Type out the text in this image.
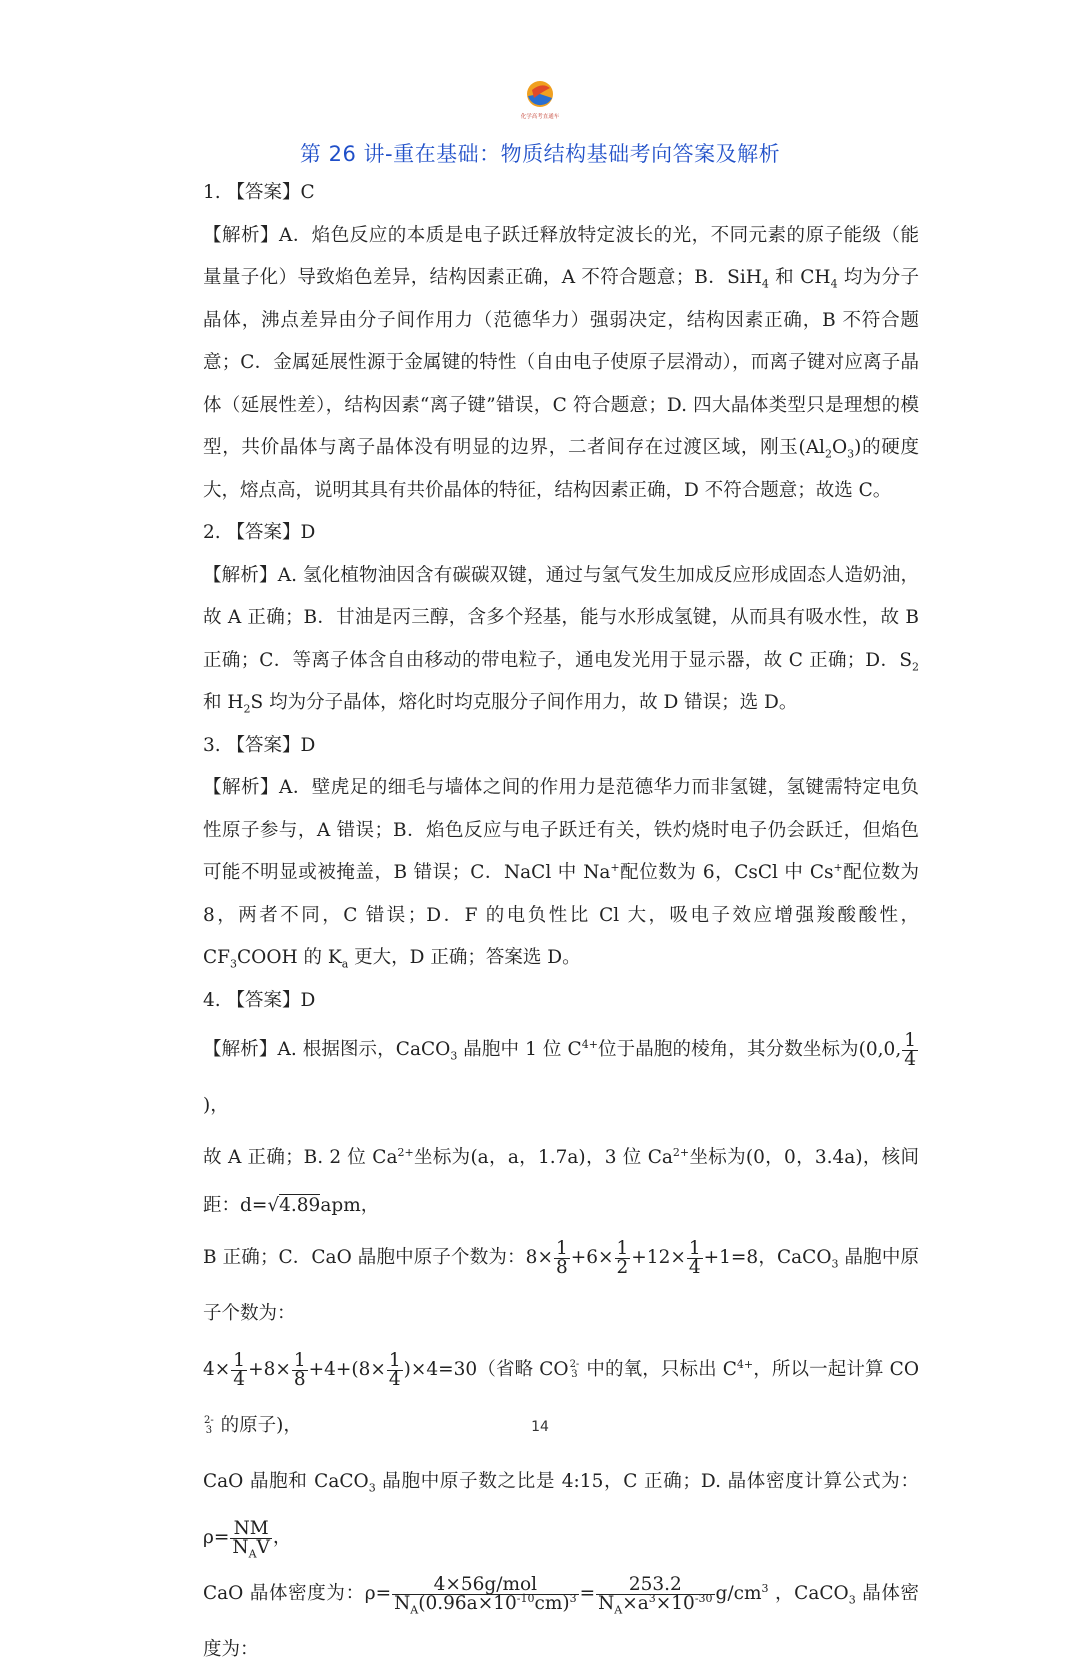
化学高考直通车
第 26 讲-重在基础：物质结构基础考向答案及解析

1. 【答案】C

【解析】A．焰色反应的本质是电子跃迁释放特定波长的光，不同元素的原子能级（能量量子化）导致焰色差异，结构因素正确，A 不符合题意；B．SiH$_4$ 和 $CH_4$ 均为分子晶体，沸点差异由分子间作用力（范德华力）强弱决定，结构因素正确，B 不符合题意；C．金属延展性源于金属键的特性（自由电子使原子层滑动），而离子键对应离子晶体（延展性差），结构因素“离子键”错误，C 符合题意；D. 四大晶体类型只是理想的模型，共价晶体与离子晶体没有明显的边界，二者间存在过渡区域，刚玉$(Al_2O_3)$的硬度大，熔点高，说明其具有共价晶体的特征，结构因素正确，D 不符合题意；故选 C。

2. 【答案】D

【解析】A. 氢化植物油因含有碳碳双键，通过与氢气发生加成反应形成固态人造奶油，故 A 正确；B．甘油是丙三醇，含多个羟基，能与水形成氢键，从而具有吸水性，故 B 正确；C．等离子体含自由移动的带电粒子，通电发光用于显示器，故 C 正确；D．$S_2$ 和 $H_2S$ 均为分子晶体，熔化时均克服分子间作用力，故 D 错误；选 D。

3. 【答案】D

【解析】A．壁虎足的细毛与墙体之间的作用力是范德华力而非氢键，氢键需特定电负性原子参与，A 错误；B．焰色反应与电子跃迁有关，铁灼烧时电子仍会跃迁，但焰色可能不明显或被掩盖，B 错误；C．NaCl 中 Na+配位数为 6，CsCl 中 Cs+配位数为 8，两者不同，C 错误；D．F 的电负性比 Cl 大，吸电子效应增强羧酸酸性，$CF_3COOH$ 的 $K_a$ 更大，D 正确；答案选 D。

4. 【答案】D

【解析】A. 根据图示，CaCO$_3$ 晶胞中 1 位 $C^{4+}$位于晶胞的棱角，其分数坐标为(0,0, $\frac{1}{4}$
)，

故 A 正确；B. 2 位 $Ca^{2+}$坐标为(a，a，1.7a)，3 位 $Ca^{2+}$坐标为(0，0，3.4a)，核间距：d=√4.89apm，

B 正确；C．CaO 晶胞中原子个数为：$8\times \frac{1}{8} +6\times \frac{1}{2} +12\times \frac{1}{4} +1=8$，CaCO$_3$ 晶胞中原子个数为：

$4\times \frac{1}{4} +8\times \frac{1}{8} +4+(8\times \frac{1}{4} )\times 4=30$（省略 CO 2-
3 中的氧，只标出 $C^{4+}$，所以一起计算 CO
2-
3 的原子)，

CaO 晶胞和 CaCO$_3$ 晶胞中原子数之比是 4:15，C 正确；D. 晶体密度计算公式为：$\rho= \frac{NM}{N_AV}$ ，

CaO 晶体密度为：$\rho= \frac{\text{4×56g/mol}}{N_A(0.96a\times 10^{-10}cm)^3} = \frac{253.2}{N_A\times a^3\times 10^{-30}} g/cm^3$ ，CaCO$_3$ 晶体密度为：

14
